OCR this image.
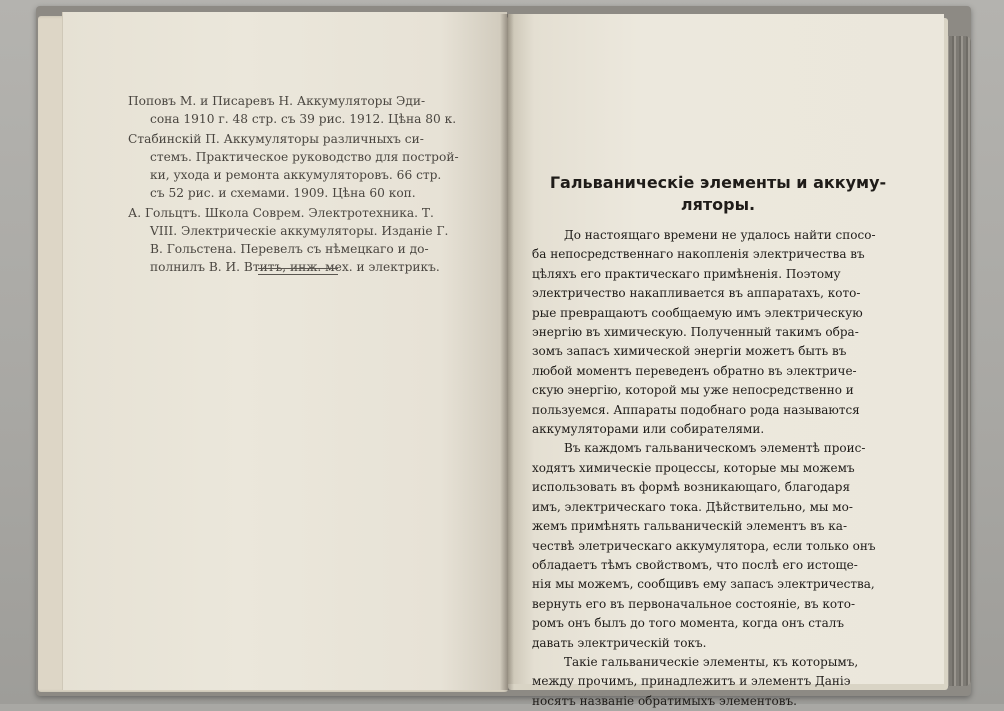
Поповъ М. и Писаревъ Н. Аккумуляторы Эди-
сона 1910 г. 48 стр. съ 39 рис. 1912. Цѣна 80 к.
Стабинскій П. Аккумуляторы различныхъ си-
стемъ. Практическое руководство для построй-
ки, ухода и ремонта аккумуляторовъ. 66 стр.
съ 52 рис. и схемами. 1909. Цѣна 60 коп.
А. Гольцтъ. Школа Соврем. Электротехника. Т.
VIII. Электрическіе аккумуляторы. Изданіе Г.
В. Гольстена. Перевелъ съ нѣмецкаго и до-
полнилъ В. И. Втитъ, инж. мех. и электрикъ.
Гальваническіе элементы и аккуму-
ляторы.
До настоящаго времени не удалось найти спосо-
ба непосредственнаго накопленія электричества въ
цѣляхъ его практическаго примѣненія. Поэтому
электричество накапливается въ аппаратахъ, кото-
рые превращаютъ сообщаемую имъ электрическую
энергію въ химическую. Полученный такимъ обра-
зомъ запасъ химической энергіи можетъ быть въ
любой моментъ переведенъ обратно въ электриче-
скую энергію, которой мы уже непосредственно и
пользуемся. Аппараты подобнаго рода называются
аккумуляторами или собирателями.
Въ каждомъ гальваническомъ элементѣ проис-
ходятъ химическіе процессы, которые мы можемъ
использовать въ формѣ возникающаго, благодаря
имъ, электрическаго тока. Дѣйствительно, мы мо-
жемъ примѣнять гальваническій элементъ въ ка-
чествѣ элетрическаго аккумулятора, если только онъ
обладаетъ тѣмъ свойствомъ, что послѣ его истоще-
нія мы можемъ, сообщивъ ему запасъ электричества,
вернуть его въ первоначальное состояніе, въ кото-
ромъ онъ былъ до того момента, когда онъ сталъ
давать электрическій токъ.
Такіе гальваническіе элементы, къ которымъ,
между прочимъ, принадлежитъ и элементъ Даніэ
носятъ названіе обратимыхъ элементовъ.
